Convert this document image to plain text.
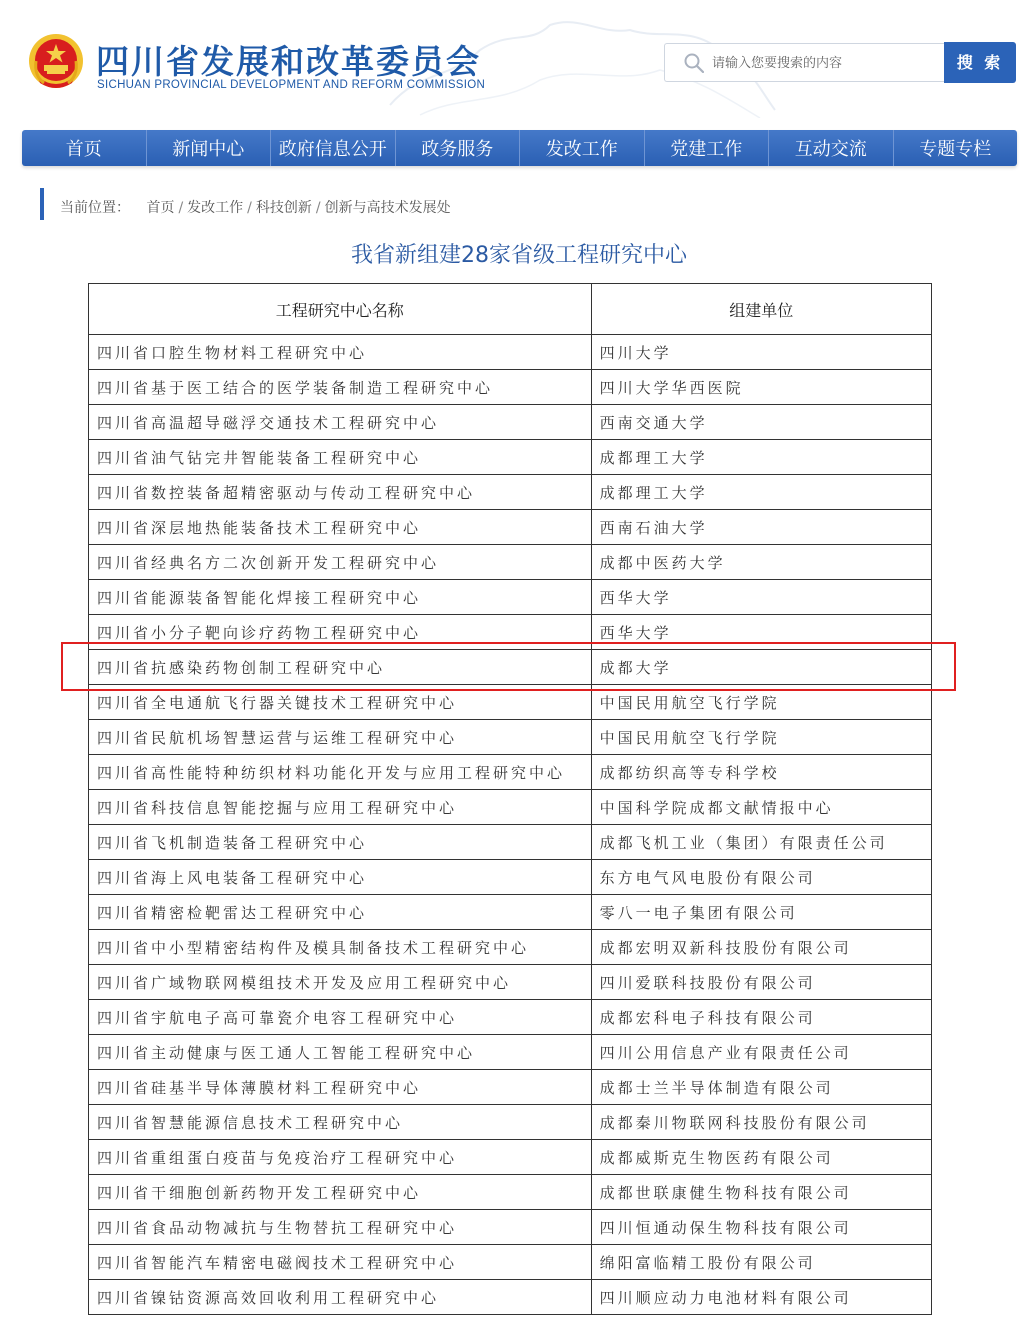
四川省发展和改革委员会
SICHUAN PROVINCIAL DEVELOPMENT AND REFORM COMMISSION
请输入您要搜索的内容
搜 索
首页	新闻中心	政府信息公开	政务服务	发改工作	党建工作	互动交流	专题专栏
当前位置： 首页 / 发改工作 / 科技创新 / 创新与高技术发展处
我省新组建28家省级工程研究中心
工程研究中心名称	组建单位
四川省口腔生物材料工程研究中心	四川大学
四川省基于医工结合的医学装备制造工程研究中心	四川大学华西医院
四川省高温超导磁浮交通技术工程研究中心	西南交通大学
四川省油气钻完井智能装备工程研究中心	成都理工大学
四川省数控装备超精密驱动与传动工程研究中心	成都理工大学
四川省深层地热能装备技术工程研究中心	西南石油大学
四川省经典名方二次创新开发工程研究中心	成都中医药大学
四川省能源装备智能化焊接工程研究中心	西华大学
四川省小分子靶向诊疗药物工程研究中心	西华大学
四川省抗感染药物创制工程研究中心	成都大学
四川省全电通航飞行器关键技术工程研究中心	中国民用航空飞行学院
四川省民航机场智慧运营与运维工程研究中心	中国民用航空飞行学院
四川省高性能特种纺织材料功能化开发与应用工程研究中心	成都纺织高等专科学校
四川省科技信息智能挖掘与应用工程研究中心	中国科学院成都文献情报中心
四川省飞机制造装备工程研究中心	成都飞机工业（集团）有限责任公司
四川省海上风电装备工程研究中心	东方电气风电股份有限公司
四川省精密检靶雷达工程研究中心	零八一电子集团有限公司
四川省中小型精密结构件及模具制备技术工程研究中心	成都宏明双新科技股份有限公司
四川省广域物联网模组技术开发及应用工程研究中心	四川爱联科技股份有限公司
四川省宇航电子高可靠瓷介电容工程研究中心	成都宏科电子科技有限公司
四川省主动健康与医工通人工智能工程研究中心	四川公用信息产业有限责任公司
四川省硅基半导体薄膜材料工程研究中心	成都士兰半导体制造有限公司
四川省智慧能源信息技术工程研究中心	成都秦川物联网科技股份有限公司
四川省重组蛋白疫苗与免疫治疗工程研究中心	成都威斯克生物医药有限公司
四川省干细胞创新药物开发工程研究中心	成都世联康健生物科技有限公司
四川省食品动物减抗与生物替抗工程研究中心	四川恒通动保生物科技有限公司
四川省智能汽车精密电磁阀技术工程研究中心	绵阳富临精工股份有限公司
四川省镍钴资源高效回收利用工程研究中心	四川顺应动力电池材料有限公司
